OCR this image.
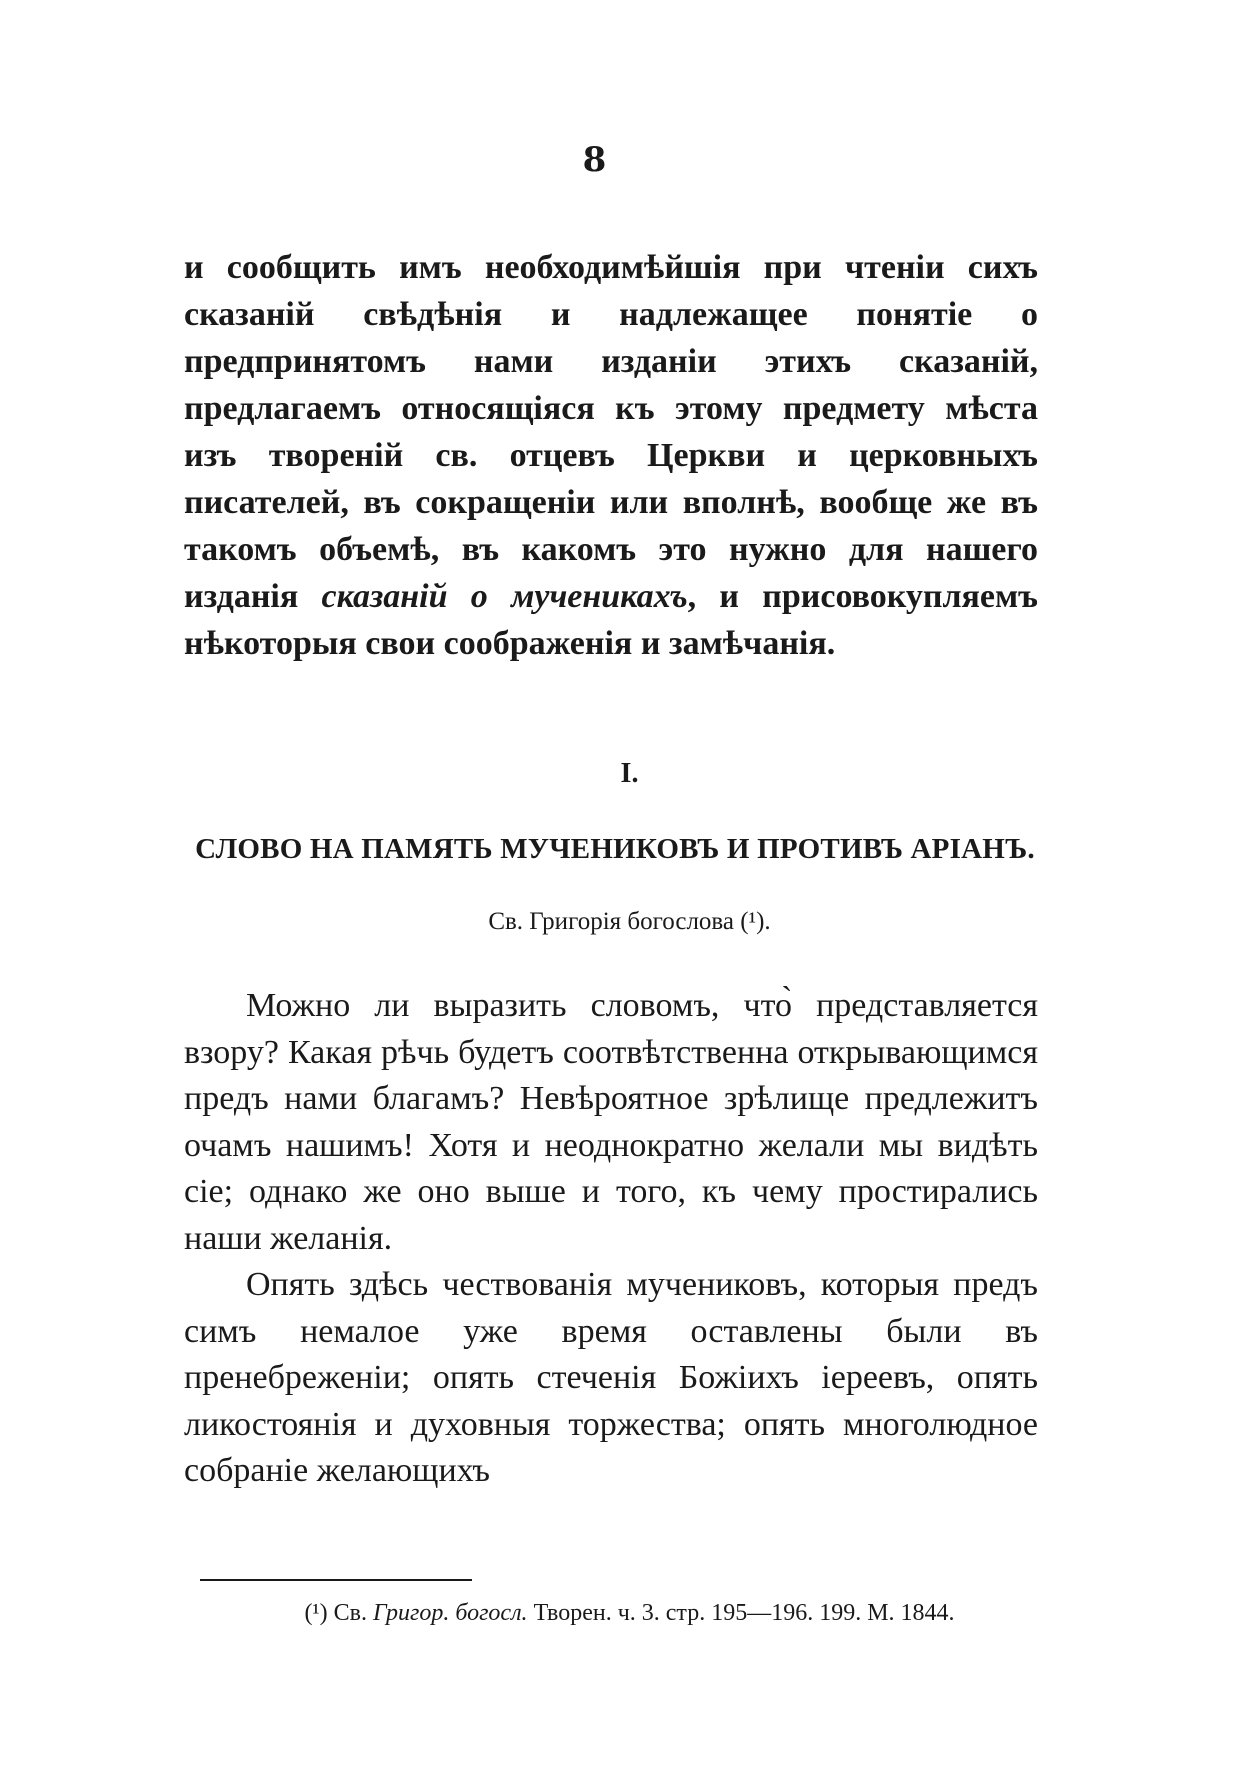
8

и сообщить имъ необходимѣйшія при чтеніи сихъ сказаній свѣдѣнія и надлежащее понятіе о предпринятомъ нами изданіи этихъ сказаній, предлагаемъ относящіяся къ этому предмету мѣста изъ твореній св. отцевъ Церкви и церковныхъ писателей, въ сокращеніи или вполнѣ, вообще же въ такомъ объемѣ, въ какомъ это нужно для нашего изданія сказаній о мученикахъ, и присовокупляемъ нѣкоторыя свои соображенія и замѣчанія.

I.
СЛОВО НА ПАМЯТЬ МУЧЕНИКОВЪ И ПРОТИВЪ АРІАНЪ.
Св. Григорія богослова (¹).

Можно ли выразить словомъ, что̀ представляется взору? Какая рѣчь будетъ соотвѣтственна открывающимся предъ нами благамъ? Невѣроятное зрѣлище предлежитъ очамъ нашимъ! Хотя и неоднократно желали мы видѣть сіе; однако же оно выше и того, къ чему простирались наши желанія.

Опять здѣсь чествованія мучениковъ, которыя предъ симъ немалое уже время оставлены были въ пренебреженіи; опять стеченія Божіихъ іереевъ, опять ликостоянія и духовныя торжества; опять многолюдное собраніе желающихъ

(¹) Св. Григор. богосл. Творен. ч. 3. стр. 195—196. 199. М. 1844.
